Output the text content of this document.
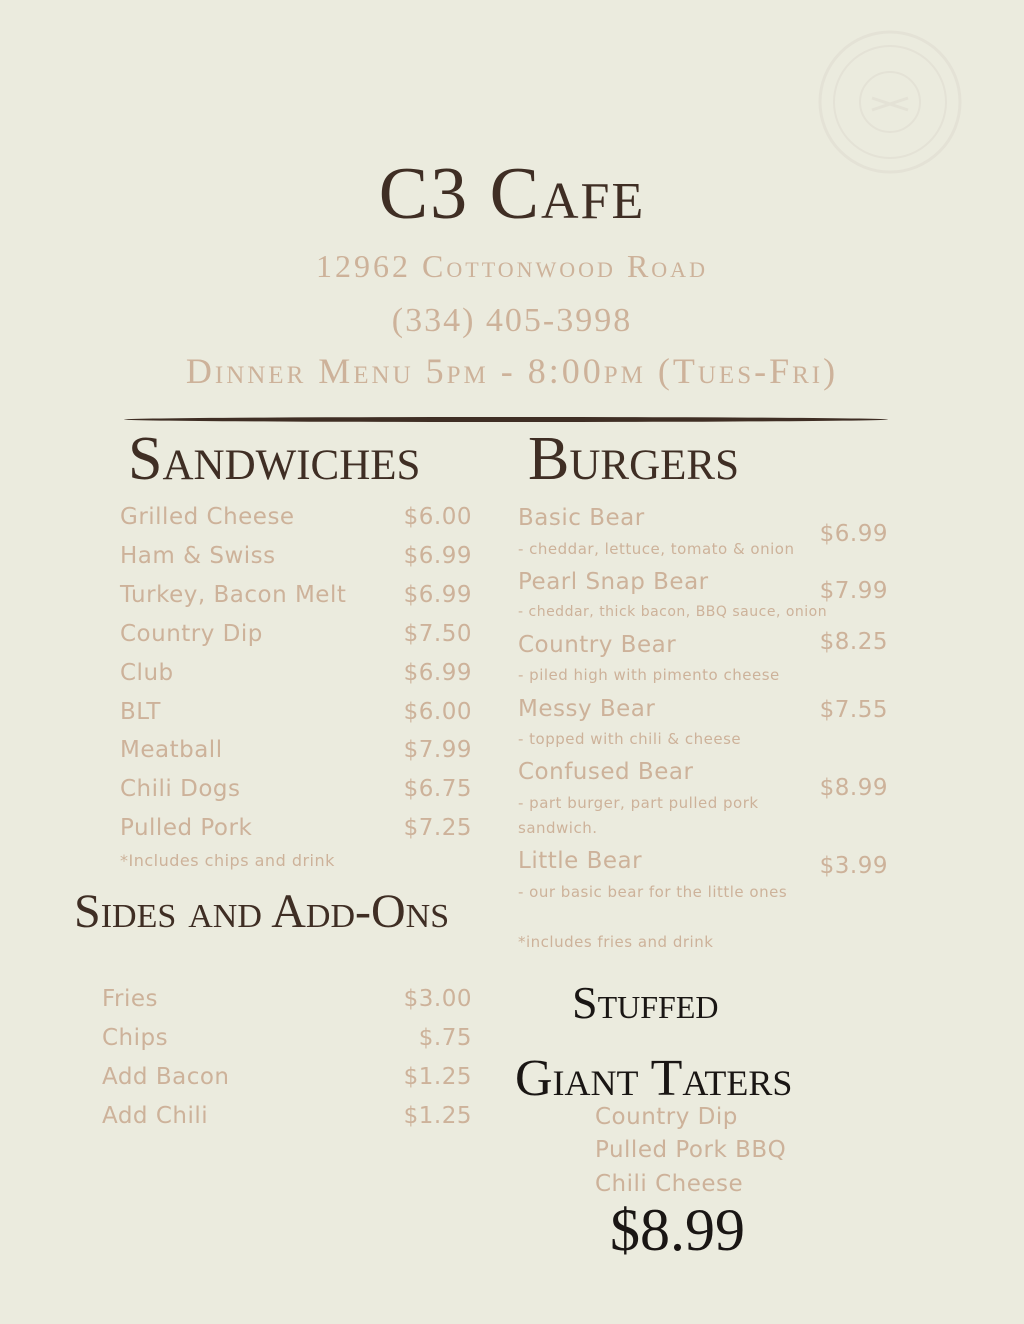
C3 Cafe
12962 Cottonwood Road
(334) 405-3998
Dinner Menu 5pm - 8:00pm (Tues-Fri)
Sandwiches
Grilled Cheese	$6.00
Ham & Swiss	$6.99
Turkey, Bacon Melt	$6.99
Country Dip	$7.50
Club	$6.99
BLT	$6.00
Meatball	$7.99
Chili Dogs	$6.75
Pulled Pork	$7.25
*Includes chips and drink
Burgers
Basic Bear
- cheddar, lettuce, tomato & onion
$6.99
Pearl Snap Bear
- cheddar, thick bacon, BBQ sauce, onion
$7.99
Country Bear
- piled high with pimento cheese
$8.25
Messy Bear
- topped with chili & cheese
$7.55
Confused Bear
- part burger, part pulled pork
sandwich.
$8.99
Little Bear
- our basic bear for the little ones
$3.99
*includes fries and drink
Sides and Add-Ons
Fries	$3.00
Chips	$.75
Add Bacon	$1.25
Add Chili	$1.25
Stuffed
Giant Taters
Country Dip
Pulled Pork BBQ
Chili Cheese
$8.99
